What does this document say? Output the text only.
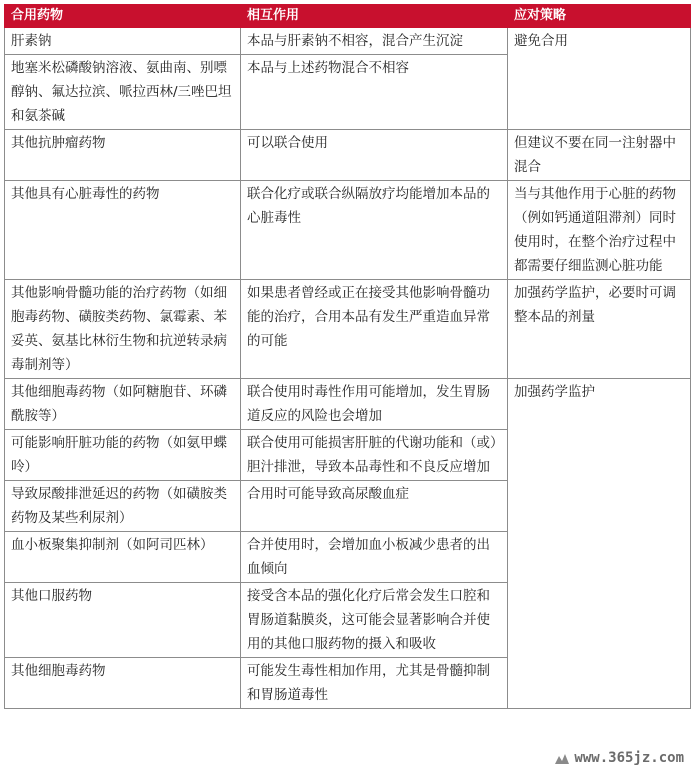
合用药物	相互作用	应对策略
肝素钠	本品与肝素钠不相容，混合产生沉淀	避免合用
地塞米松磷酸钠溶液、氨曲南、别嘌醇钠、氟达拉滨、哌拉西林/三唑巴坦和氨茶碱	本品与上述药物混合不相容	
其他抗肿瘤药物	可以联合使用	但建议不要在同一注射器中混合
其他具有心脏毒性的药物	联合化疗或联合纵隔放疗均能增加本品的心脏毒性	当与其他作用于心脏的药物（例如钙通道阻滞剂）同时使用时，在整个治疗过程中都需要仔细监测心脏功能
其他影响骨髓功能的治疗药物（如细胞毒药物、磺胺类药物、氯霉素、苯妥英、氨基比林衍生物和抗逆转录病毒制剂等）	如果患者曾经或正在接受其他影响骨髓功能的治疗，合用本品有发生严重造血异常的可能	加强药学监护，必要时可调整本品的剂量
其他细胞毒药物（如阿糖胞苷、环磷酰胺等）	联合使用时毒性作用可能增加，发生胃肠道反应的风险也会增加	加强药学监护
可能影响肝脏功能的药物（如氨甲蝶呤）	联合使用可能损害肝脏的代谢功能和（或）胆汁排泄，导致本品毒性和不良反应增加	
导致尿酸排泄延迟的药物（如磺胺类药物及某些利尿剂）	合用时可能导致高尿酸血症	
血小板聚集抑制剂（如阿司匹林）	合并使用时，会增加血小板减少患者的出血倾向	
其他口服药物	接受含本品的强化化疗后常会发生口腔和胃肠道黏膜炎，这可能会显著影响合并使用的其他口服药物的摄入和吸收	
其他细胞毒药物	可能发生毒性相加作用，尤其是骨髓抑制和胃肠道毒性	
www.365jz.com
